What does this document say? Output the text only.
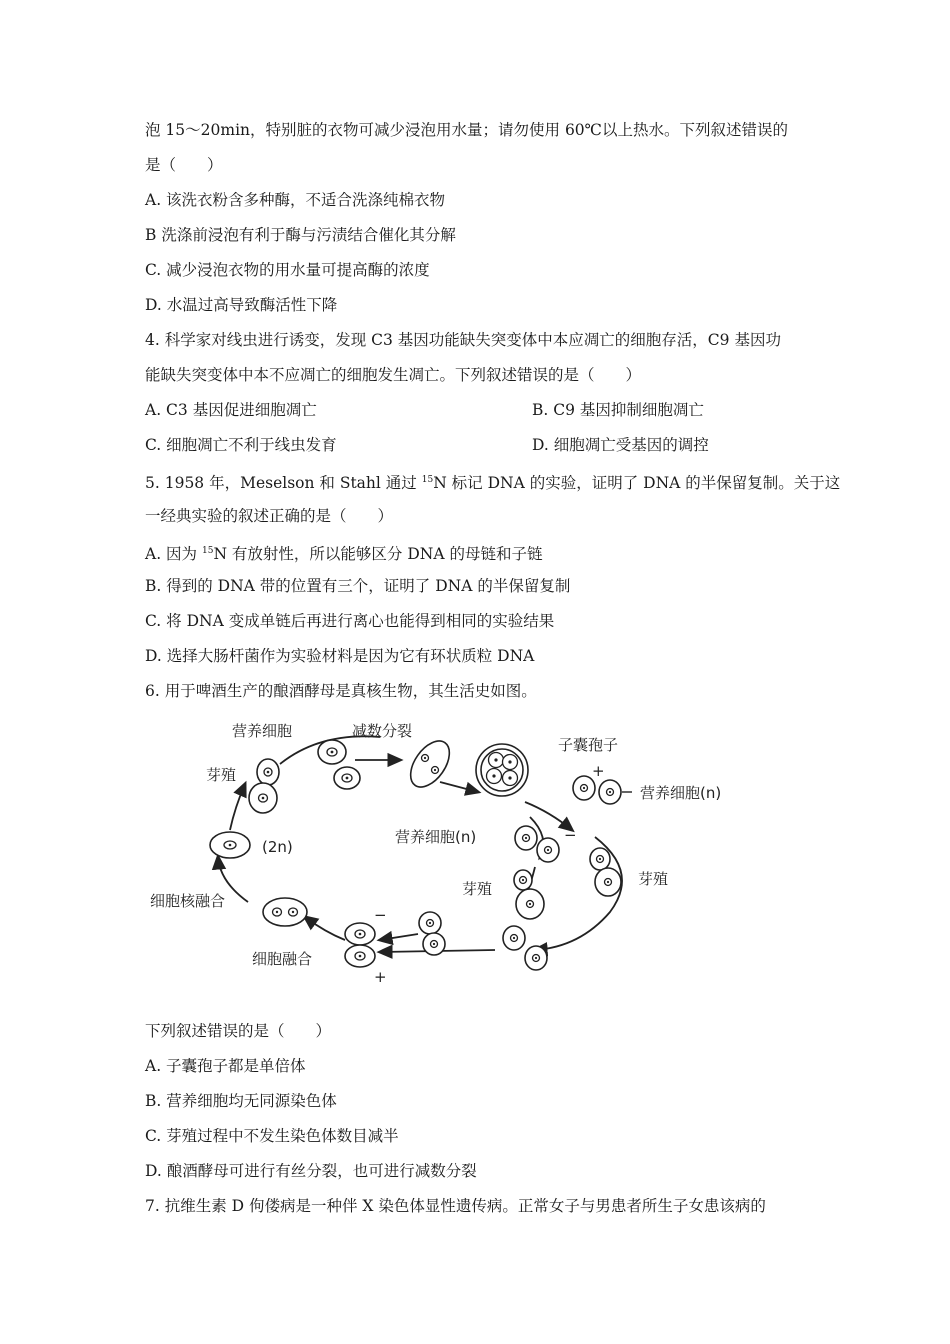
泡 15～20min，特别脏的衣物可减少浸泡用水量；请勿使用 60℃以上热水。下列叙述错误的
是（　　）
A. 该洗衣粉含多种酶，不适合洗涤纯棉衣物
B 洗涤前浸泡有利于酶与污渍结合催化其分解
C. 减少浸泡衣物的用水量可提高酶的浓度
D. 水温过高导致酶活性下降
4. 科学家对线虫进行诱变，发现 C3 基因功能缺失突变体中本应凋亡的细胞存活，C9 基因功
能缺失突变体中本不应凋亡的细胞发生凋亡。下列叙述错误的是（　　）
A. C3 基因促进细胞凋亡	B. C9 基因抑制细胞凋亡
C. 细胞凋亡不利于线虫发育	D. 细胞凋亡受基因的调控
5. 1958 年，Meselson 和 Stahl 通过 $^{15}$N 标记 DNA 的实验，证明了 DNA 的半保留复制。关于这
一经典实验的叙述正确的是（　　）
A. 因为 $^{15}$N 有放射性，所以能够区分 DNA 的母链和子链
B. 得到的 DNA 带的位置有三个，证明了 DNA 的半保留复制
C. 将 DNA 变成单链后再进行离心也能得到相同的实验结果
D. 选择大肠杆菌作为实验材料是因为它有环状质粒 DNA
6. 用于啤酒生产的酿酒酵母是真核生物，其生活史如图。
营养细胞	减数分裂
子囊孢子
芽殖
营养细胞(n)
(2n)
营养细胞(n)
芽殖
芽殖
细胞核融合
细胞融合
+
−
−
+
下列叙述错误的是（　　）
A. 子囊孢子都是单倍体
B. 营养细胞均无同源染色体
C. 芽殖过程中不发生染色体数目减半
D. 酿酒酵母可进行有丝分裂，也可进行减数分裂
7. 抗维生素 D 佝偻病是一种伴 X 染色体显性遗传病。正常女子与男患者所生子女患该病的
